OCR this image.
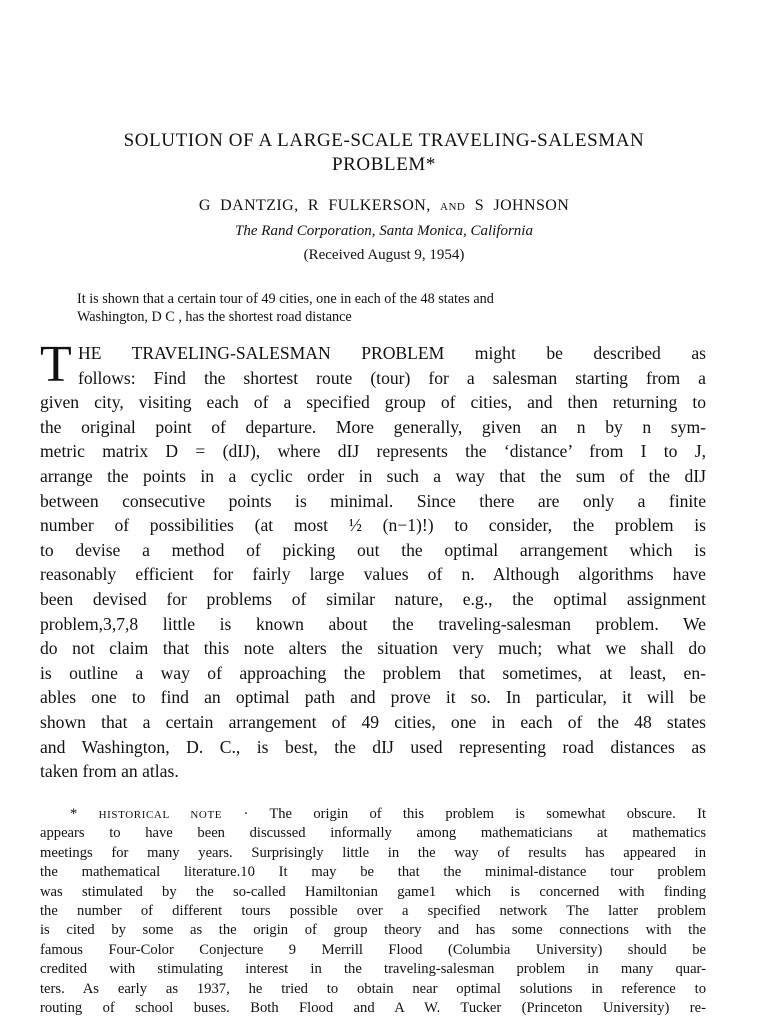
SOLUTION OF A LARGE-SCALE TRAVELING-SALESMAN
PROBLEM*
G DANTZIG, R FULKERSON, AND S JOHNSON
The Rand Corporation, Santa Monica, California
(Received August 9, 1954)
It is shown that a certain tour of 49 cities, one in each of the 48 states and
Washington, D C , has the shortest road distance
T HE TRAVELING-SALESMAN PROBLEM might be described as
follows: Find the shortest route (tour) for a salesman starting from a
given city, visiting each of a specified group of cities, and then returning to
the original point of departure. More generally, given an n by n sym-
metric matrix D = (dIJ), where dIJ represents the ‘distance’ from I to J,
arrange the points in a cyclic order in such a way that the sum of the dIJ
between consecutive points is minimal. Since there are only a finite
number of possibilities (at most ½ (n−1)!) to consider, the problem is
to devise a method of picking out the optimal arrangement which is
reasonably efficient for fairly large values of n. Although algorithms have
been devised for problems of similar nature, e.g., the optimal assignment
problem,3,7,8 little is known about the traveling-salesman problem. We
do not claim that this note alters the situation very much; what we shall do
is outline a way of approaching the problem that sometimes, at least, en-
ables one to find an optimal path and prove it so. In particular, it will be
shown that a certain arrangement of 49 cities, one in each of the 48 states
and Washington, D. C., is best, the dIJ used representing road distances as
taken from an atlas.
* HISTORICAL NOTE · The origin of this problem is somewhat obscure. It
appears to have been discussed informally among mathematicians at mathematics
meetings for many years. Surprisingly little in the way of results has appeared in
the mathematical literature.10 It may be that the minimal-distance tour problem
was stimulated by the so-called Hamiltonian game1 which is concerned with finding
the number of different tours possible over a specified network The latter problem
is cited by some as the origin of group theory and has some connections with the
famous Four-Color Conjecture 9 Merrill Flood (Columbia University) should be
credited with stimulating interest in the traveling-salesman problem in many quar-
ters. As early as 1937, he tried to obtain near optimal solutions in reference to
routing of school buses. Both Flood and A W. Tucker (Princeton University) re-
